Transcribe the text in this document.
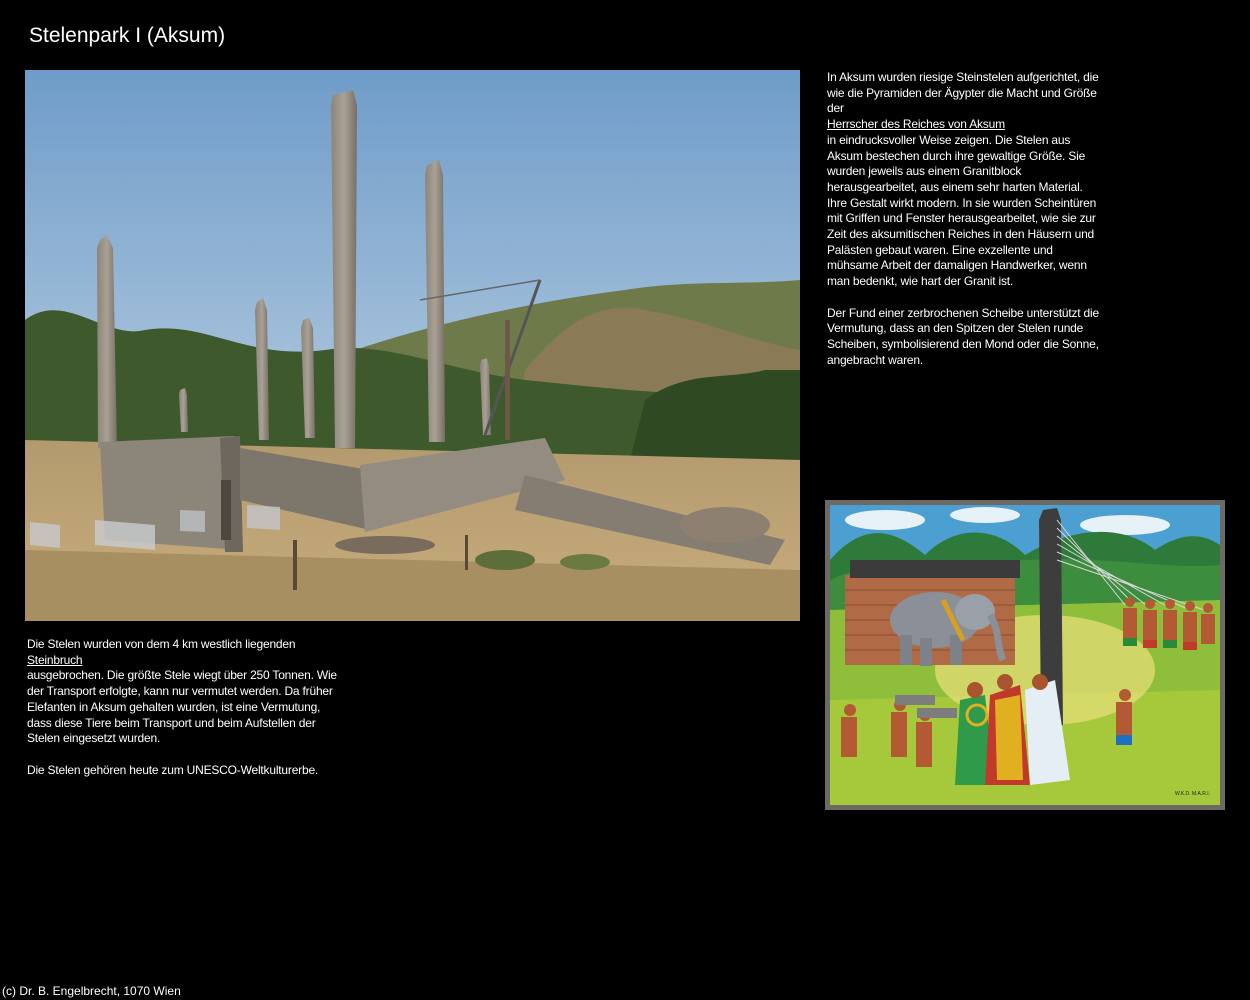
Stelenpark I (Aksum)

In Aksum wurden riesige Steinstelen aufgerichtet, die wie die Pyramiden der Ägypter die Macht und Größe der
Herrscher des Reiches von Aksum
in eindrucksvoller Weise zeigen. Die Stelen aus Aksum bestechen durch ihre gewaltige Größe. Sie wurden jeweils aus einem Granitblock herausgearbeitet, aus einem sehr harten Material. Ihre Gestalt wirkt modern. In sie wurden Scheintüren mit Griffen und Fenster herausgearbeitet, wie sie zur Zeit des aksumitischen Reiches in den Häusern und Palästen gebaut waren. Eine exzellente und mühsame Arbeit der damaligen Handwerker, wenn man bedenkt, wie hart der Granit ist.

Der Fund einer zerbrochenen Scheibe unterstützt die Vermutung, dass an den Spitzen der Stelen runde Scheiben, symbolisierend den Mond oder die Sonne, angebracht waren.

W.K.D. M.A.R.I.

Die Stelen wurden von dem 4 km westlich liegenden
Steinbruch
ausgebrochen. Die größte Stele wiegt über 250 Tonnen. Wie der Transport erfolgte, kann nur vermutet werden. Da früher Elefanten in Aksum gehalten wurden, ist eine Vermutung, dass diese Tiere beim Transport und beim Aufstellen der Stelen eingesetzt wurden.

Die Stelen gehören heute zum UNESCO-Weltkulturerbe.

(c) Dr. B. Engelbrecht, 1070 Wien
